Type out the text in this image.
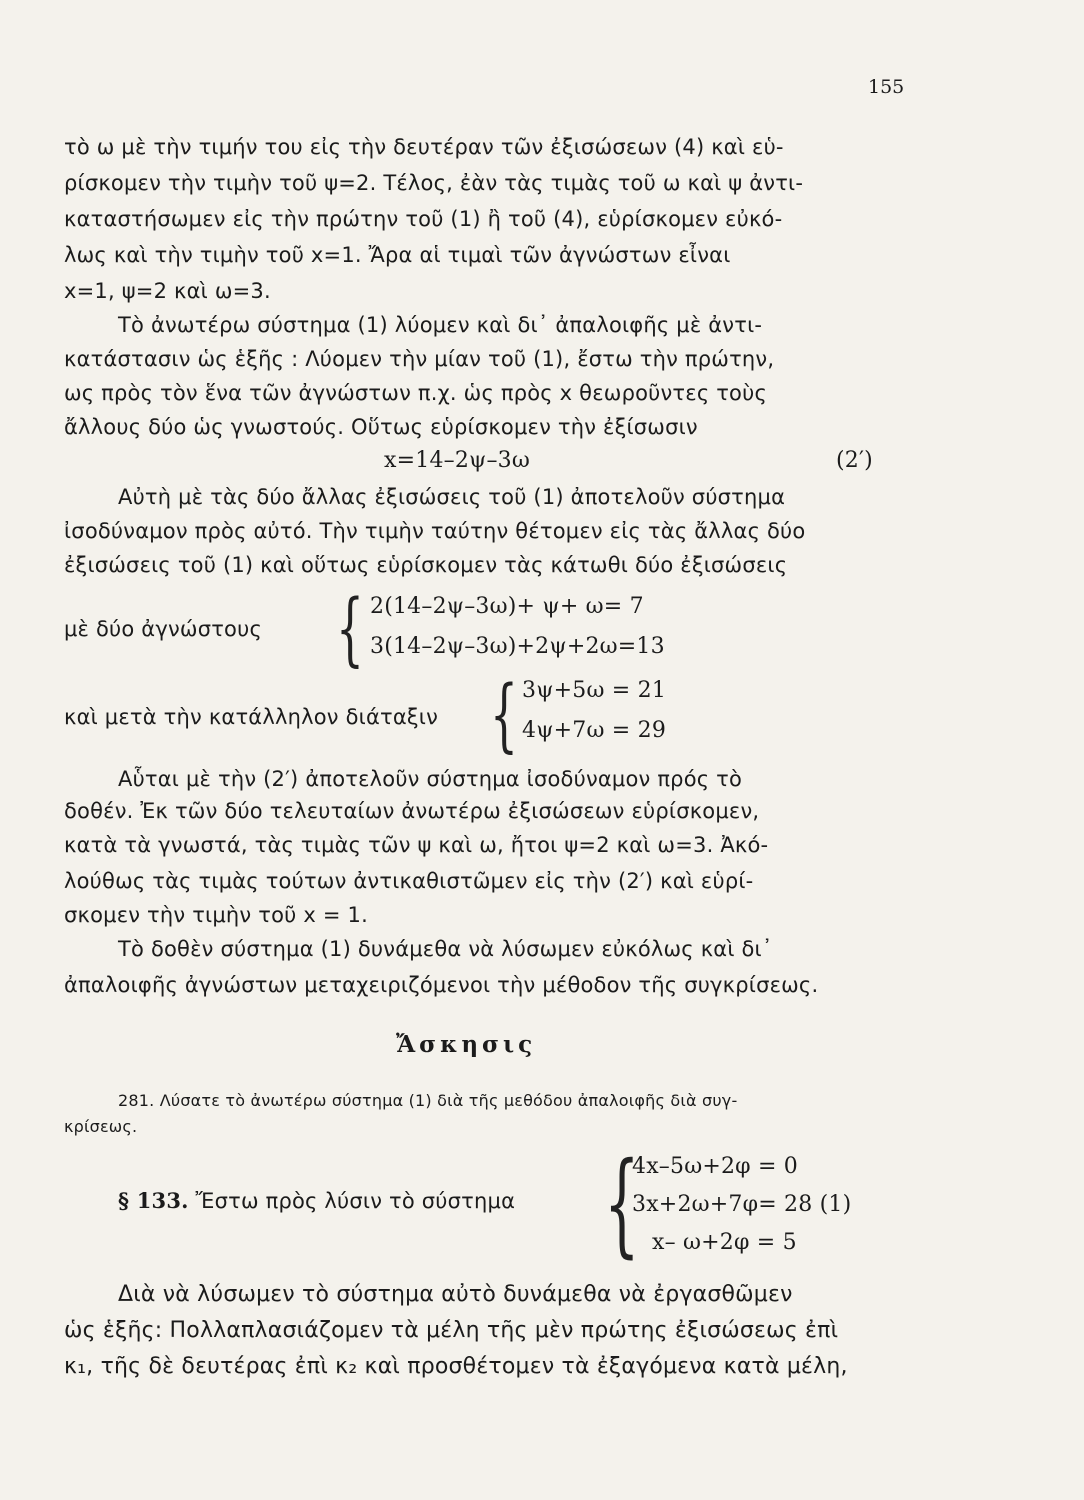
155
τὸ ω μὲ τὴν τιμήν του εἰς τὴν δευτέραν τῶν ἐξισώσεων (4) καὶ εὑ-
ρίσκομεν τὴν τιμὴν τοῦ ψ=2. Τέλος, ἐὰν τὰς τιμὰς τοῦ ω καὶ ψ ἀντι-
καταστήσωμεν εἰς τὴν πρώτην τοῦ (1) ἢ τοῦ (4), εὑρίσκομεν εὐκό-
λως καὶ τὴν τιμὴν τοῦ x=1. Ἄρα αἱ τιμαὶ τῶν ἀγνώστων εἶναι
x=1, ψ=2 καὶ ω=3.
Τὸ ἀνωτέρω σύστημα (1) λύομεν καὶ δι᾽ ἀπαλοιφῆς μὲ ἀντι-
κατάστασιν ὡς ἑξῆς : Λύομεν τὴν μίαν τοῦ (1), ἔστω τὴν πρώτην,
ως πρὸς τὸν ἕνα τῶν ἀγνώστων π.χ. ὡς πρὸς x θεωροῦντες τοὺς
ἄλλους δύο ὡς γνωστούς. Οὕτως εὑρίσκομεν τὴν ἐξίσωσιν
x=14–2ψ–3ω	(2′)
Αὐτὴ μὲ τὰς δύο ἄλλας ἐξισώσεις τοῦ (1) ἀποτελοῦν σύστημα
ἰσοδύναμον πρὸς αὐτό. Τὴν τιμὴν ταύτην θέτομεν εἰς τὰς ἄλλας δύο
ἐξισώσεις τοῦ (1) καὶ οὕτως εὑρίσκομεν τὰς κάτωθι δύο ἐξισώσεις
μὲ δύο ἀγνώστους { 2(14–2ψ–3ω)+ ψ+ ω= 7
3(14–2ψ–3ω)+2ψ+2ω=13
καὶ μετὰ τὴν κατάλληλον διάταξιν { 3ψ+5ω = 21
4ψ+7ω = 29
Αὗται μὲ τὴν (2′) ἀποτελοῦν σύστημα ἰσοδύναμον πρός τὸ
δοθέν. Ἐκ τῶν δύο τελευταίων ἀνωτέρω ἐξισώσεων εὑρίσκομεν,
κατὰ τὰ γνωστά, τὰς τιμὰς τῶν ψ καὶ ω, ἤτοι ψ=2 καὶ ω=3. Ἀκό-
λούθως τὰς τιμὰς τούτων ἀντικαθιστῶμεν εἰς τὴν (2′) καὶ εὑρί-
σκομεν τὴν τιμὴν τοῦ x = 1.
Τὸ δοθὲν σύστημα (1) δυνάμεθα νὰ λύσωμεν εὐκόλως καὶ δι᾽
ἀπαλοιφῆς ἀγνώστων μεταχειριζόμενοι τὴν μέθοδον τῆς συγκρίσεως.
Ἄσκησις
281. Λύσατε τὸ ἀνωτέρω σύστημα (1) διὰ τῆς μεθόδου ἀπαλοιφῆς διὰ συγ-
κρίσεως.
§ 133. Ἔστω πρὸς λύσιν τὸ σύστημα {
4x–5ω+2φ = 0
3x+2ω+7φ= 28 (1)
x– ω+2φ = 5
Διὰ νὰ λύσωμεν τὸ σύστημα αὐτὸ δυνάμεθα νὰ ἐργασθῶμεν
ὡς ἑξῆς: Πολλαπλασιάζομεν τὰ μέλη τῆς μὲν πρώτης ἐξισώσεως ἐπὶ
κ₁, τῆς δὲ δευτέρας ἐπὶ κ₂ καὶ προσθέτομεν τὰ ἐξαγόμενα κατὰ μέλη,
